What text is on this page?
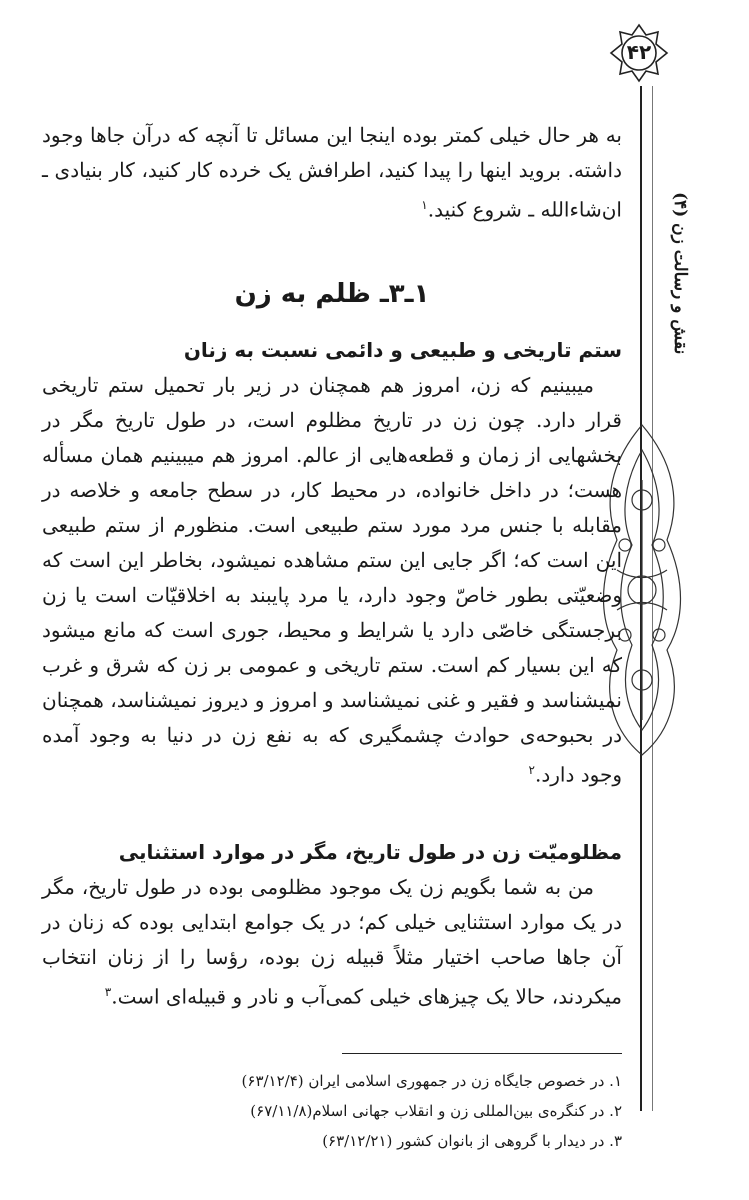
۴۲
نقش و رسالت زن (۴)

به هر حال خیلی کمتر بوده اینجا این مسائل تا آنچه که درآن جاها وجود داشته. بروید اینها را پیدا کنید، اطرافش یک خرده کار کنید، کار بنیادی ـ ان‌شاءالله ـ شروع کنید.$^۱$

۱ـ۳ـ ظلم به زن
ستم تاریخی و طبیعی و دائمی نسبت به زنان

میبینیم که زن، امروز هم همچنان در زیر بار تحمیل ستم تاریخی قرار دارد. چون زن در تاریخ مظلوم است، در طول تاریخ مگر در بخشهایی از زمان و قطعه‌هایی از عالم. امروز هم میبینیم همان مسأله هست؛ در داخل خانواده، در محیط کار، در سطح جامعه و خلاصه در مقابله با جنس مرد مورد ستم طبیعی است. منظورم از ستم طبیعی این است که؛ اگر جایی این ستم مشاهده نمیشود، بخاطر این است که وضعیّتی بطور خاصّ وجود دارد، یا مرد پایبند به اخلاقیّات است یا زن برجستگی خاصّی دارد یا شرایط و محیط، جوری است که مانع میشود که این بسیار کم است. ستم تاریخی و عمومی بر زن که شرق و غرب نمیشناسد و فقیر و غنی نمیشناسد و امروز و دیروز نمیشناسد، همچنان در بحبوحه‌ی حوادث چشمگیری که به نفع زن در دنیا به وجود آمده وجود دارد.$^۲$

مظلومیّت زن در طول تاریخ، مگر در موارد استثنایی

من به شما بگویم زن یک موجود مظلومی بوده در طول تاریخ، مگر در یک موارد استثنایی خیلی کم؛ در یک جوامع ابتدایی بوده که زنان در آن جاها صاحب اختیار مثلاً قبیله زن بوده، رؤسا را از زنان انتخاب میکردند، حالا یک چیزهای خیلی کمی‌آب و نادر و قبیله‌ای است.$^۳$

۱. در خصوص جایگاه زن در جمهوری اسلامی ایران (۶۳/۱۲/۴)

۲. در کنگره‌ی بین‌المللی زن و انقلاب جهانی اسلام(۶۷/۱۱/۸)

۳. در دیدار با گروهی از بانوان کشور (۶۳/۱۲/۲۱)
